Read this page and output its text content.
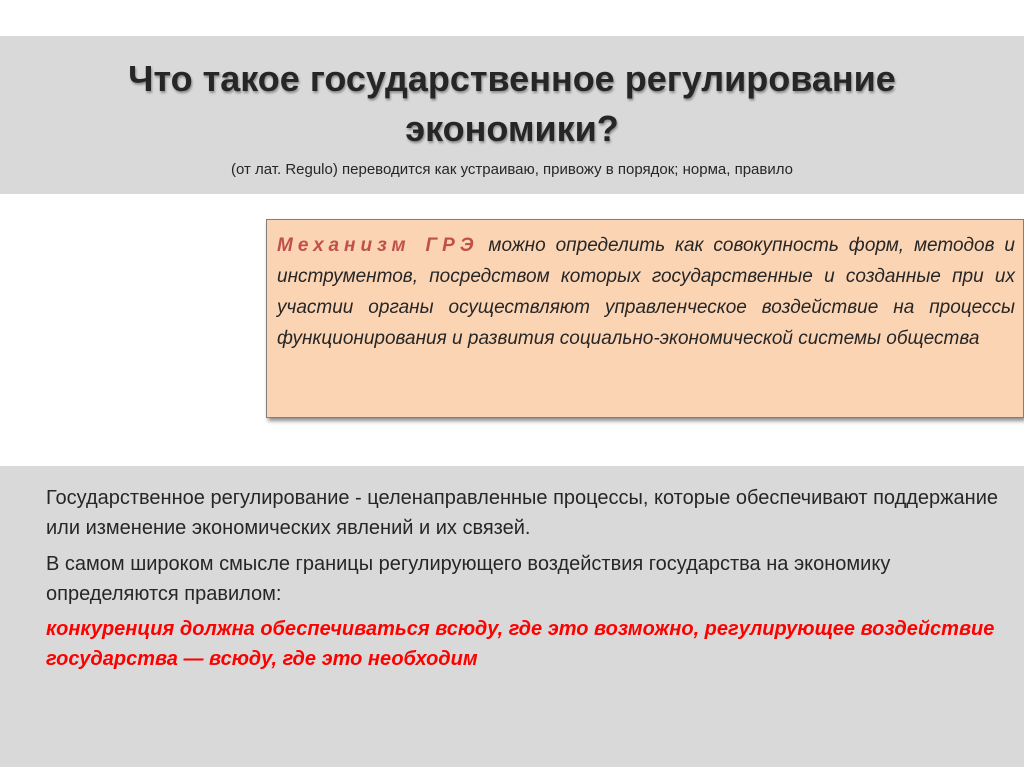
Что такое государственное регулирование экономики?
(от лат. Regulo) переводится как устраиваю, привожу в порядок; норма, правило

Механизм ГРЭ можно определить как совокупность форм, методов и инструментов, посредством которых государственные и созданные при их участии органы осуществляют управленческое воздействие на процессы функционирования и развития социально-экономической системы общества

Государственное регулирование - целенаправленные процессы, которые обеспечивают поддержание или изменение экономических явлений и их связей.

В самом широком смысле границы регулирующего воздействия государства на экономику определяются правилом:

конкуренция должна обеспечиваться всюду, где это возможно, регулирующее воздействие государства — всюду, где это необходим
